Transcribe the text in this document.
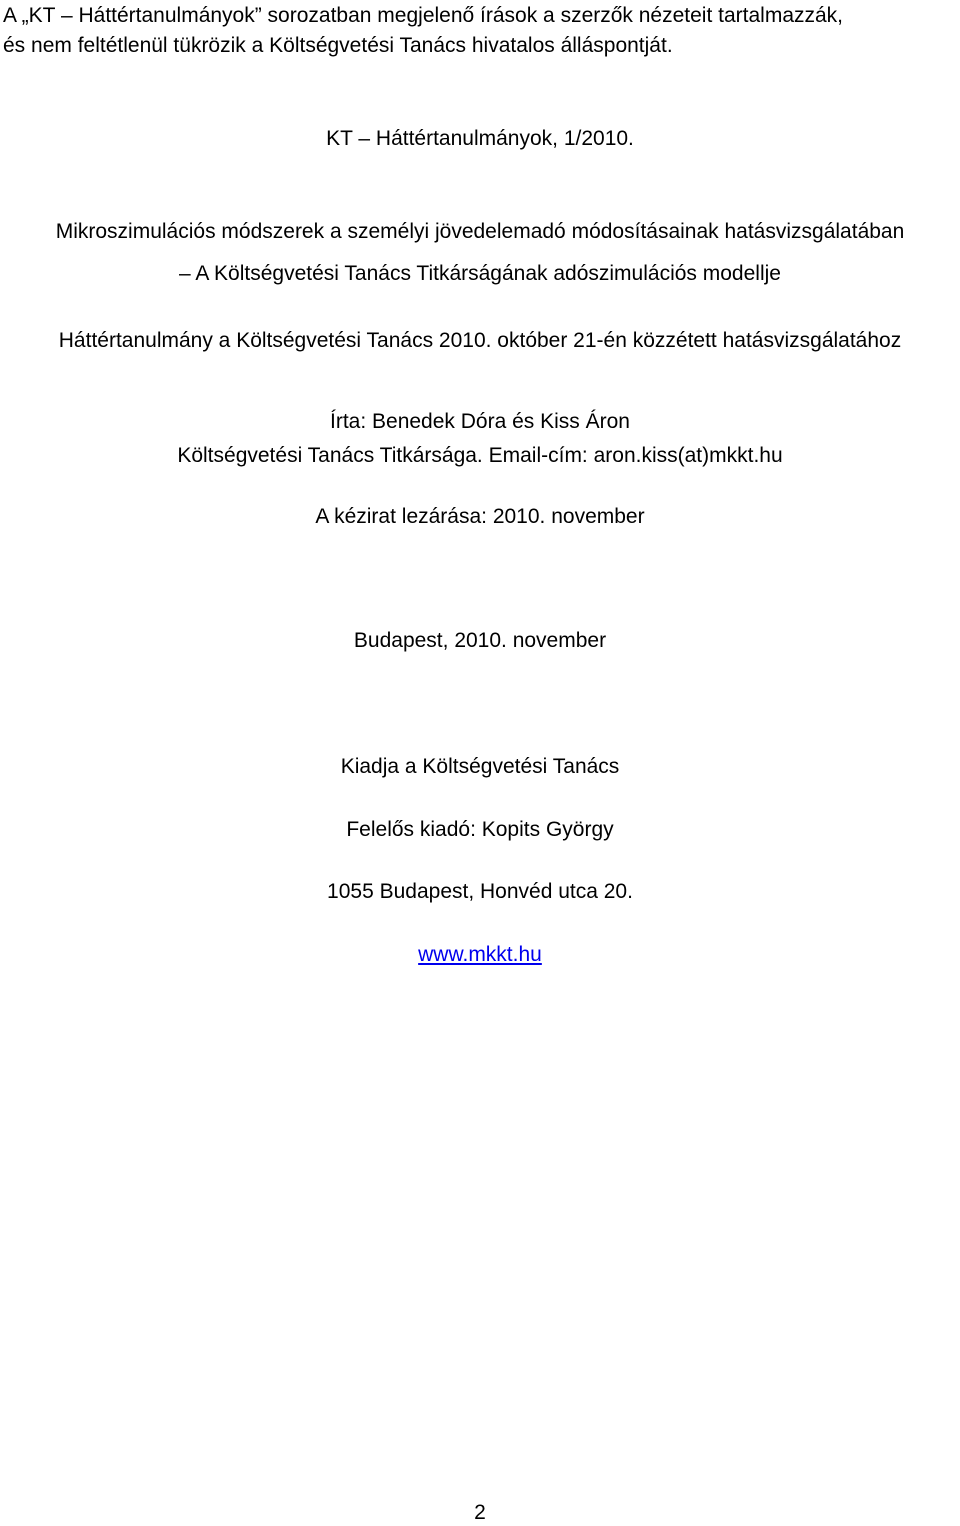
A „KT – Háttértanulmányok” sorozatban megjelenő írások a szerzők nézeteit tartalmazzák,

és nem feltétlenül tükrözik a Költségvetési Tanács hivatalos álláspontját.

KT – Háttértanulmányok, 1/2010.

Mikroszimulációs módszerek a személyi jövedelemadó módosításainak hatásvizsgálatában

– A Költségvetési Tanács Titkárságának adószimulációs modellje

Háttértanulmány a Költségvetési Tanács 2010. október 21-én közzétett hatásvizsgálatához

Írta: Benedek Dóra és Kiss Áron

Költségvetési Tanács Titkársága. Email-cím: aron.kiss(at)mkkt.hu

A kézirat lezárása: 2010. november

Budapest, 2010. november

Kiadja a Költségvetési Tanács

Felelős kiadó: Kopits György

1055 Budapest, Honvéd utca 20.

www.mkkt.hu

2
